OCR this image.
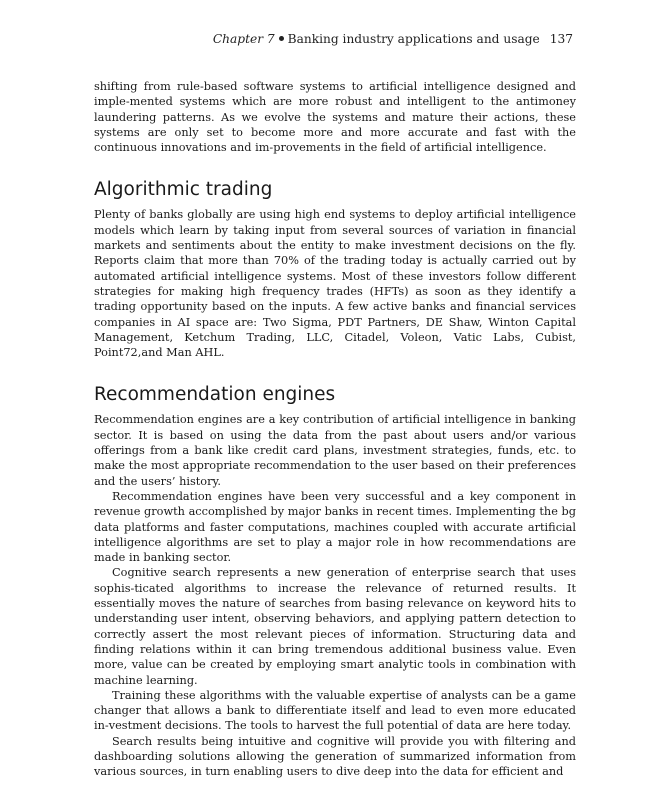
Chapter 7 Banking industry applications and usage 137

shifting from rule-based software systems to artificial intelligence designed and imple-mented systems which are more robust and intelligent to the antimoney laundering patterns. As we evolve the systems and mature their actions, these systems are only set to become more and more accurate and fast with the continuous innovations and im-provements in the field of artificial intelligence.

Algorithmic trading

Plenty of banks globally are using high end systems to deploy artificial intelligence models which learn by taking input from several sources of variation in financial markets and sentiments about the entity to make investment decisions on the fly. Reports claim that more than 70% of the trading today is actually carried out by automated artificial intelligence systems. Most of these investors follow different strategies for making high frequency trades (HFTs) as soon as they identify a trading opportunity based on the inputs. A few active banks and financial services companies in AI space are: Two Sigma, PDT Partners, DE Shaw, Winton Capital Management, Ketchum Trading, LLC, Citadel, Voleon, Vatic Labs, Cubist, Point72,and Man AHL.

Recommendation engines

Recommendation engines are a key contribution of artificial intelligence in banking sector. It is based on using the data from the past about users and/or various offerings from a bank like credit card plans, investment strategies, funds, etc. to make the most appropriate recommendation to the user based on their preferences and the users’ history.

Recommendation engines have been very successful and a key component in revenue growth accomplished by major banks in recent times. Implementing the bg data platforms and faster computations, machines coupled with accurate artificial intelligence algorithms are set to play a major role in how recommendations are made in banking sector.

Cognitive search represents a new generation of enterprise search that uses sophis-ticated algorithms to increase the relevance of returned results. It essentially moves the nature of searches from basing relevance on keyword hits to understanding user intent, observing behaviors, and applying pattern detection to correctly assert the most relevant pieces of information. Structuring data and finding relations within it can bring tremendous additional business value. Even more, value can be created by employing smart analytic tools in combination with machine learning.

Training these algorithms with the valuable expertise of analysts can be a game changer that allows a bank to differentiate itself and lead to even more educated in-vestment decisions. The tools to harvest the full potential of data are here today.

Search results being intuitive and cognitive will provide you with filtering and dashboarding solutions allowing the generation of summarized information from various sources, in turn enabling users to dive deep into the data for efficient and
